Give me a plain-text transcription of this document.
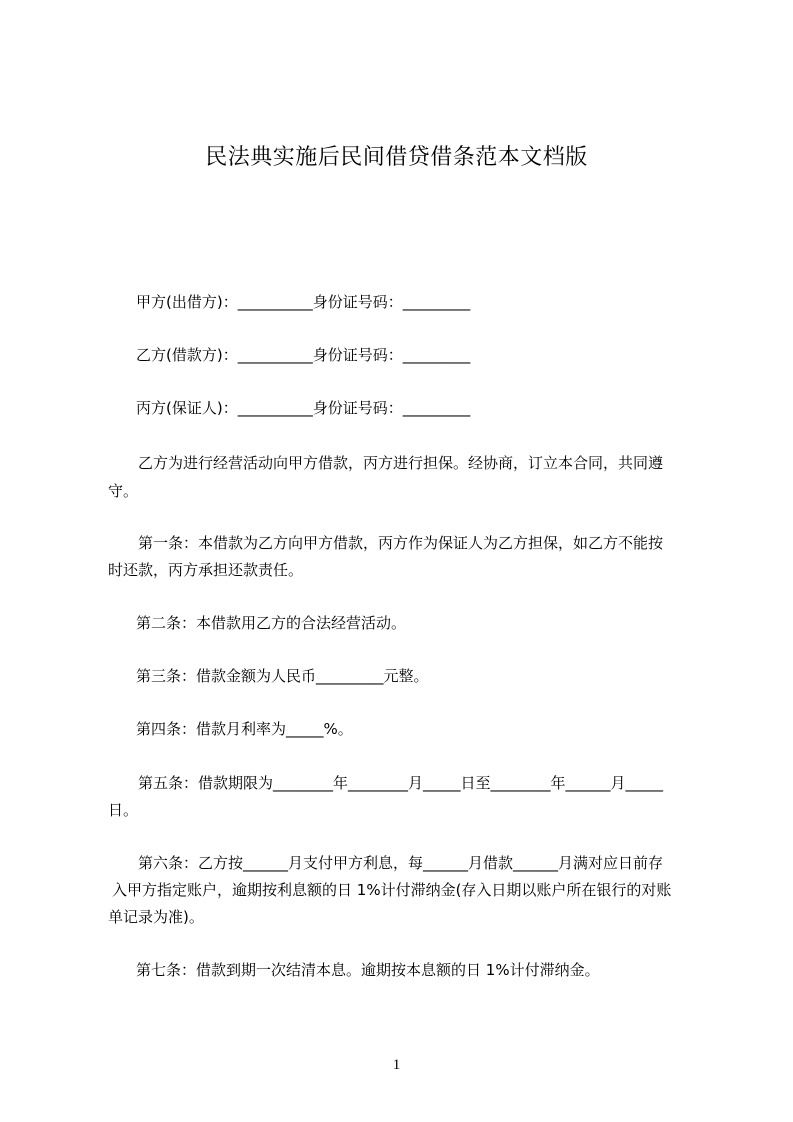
民法典实施后民间借贷借条范本文档版
甲方(出借方)：__________身份证号码：_________
乙方(借款方)：__________身份证号码：_________
丙方(保证人)：__________身份证号码：_________
乙方为进行经营活动向甲方借款，丙方进行担保。经协商，订立本合同，共同遵
守。
第一条：本借款为乙方向甲方借款，丙方作为保证人为乙方担保，如乙方不能按
时还款，丙方承担还款责任。
第二条：本借款用乙方的合法经营活动。
第三条：借款金额为人民币_________元整。
第四条：借款月利率为_____%。
第五条：借款期限为________年________月_____日至________年______月_____
日。
第六条：乙方按______月支付甲方利息，每______月借款______月满对应日前存
入甲方指定账户，逾期按利息额的日 1%计付滞纳金(存入日期以账户所在银行的对账
单记录为准)。
第七条：借款到期一次结清本息。逾期按本息额的日 1%计付滞纳金。
1
